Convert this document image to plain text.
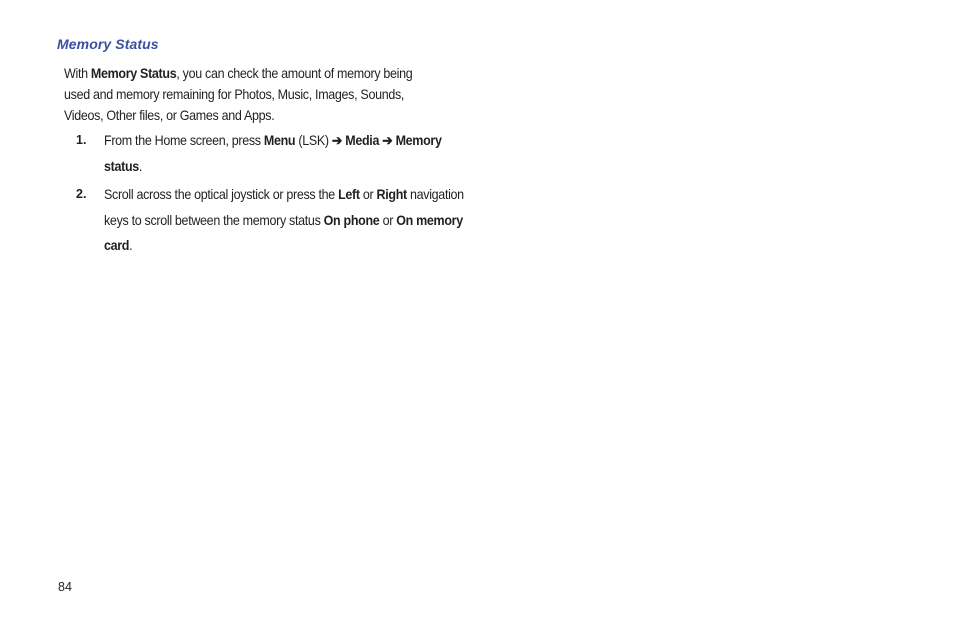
Memory Status

With Memory Status, you can check the amount of memory being used and memory remaining for Photos, Music, Images, Sounds, Videos, Other files, or Games and Apps.

1.	From the Home screen, press Menu (LSK) ➔ Media ➔ Memory status.
2.	Scroll across the optical joystick or press the Left or Right navigation keys to scroll between the memory status On phone or On memory card.
84
